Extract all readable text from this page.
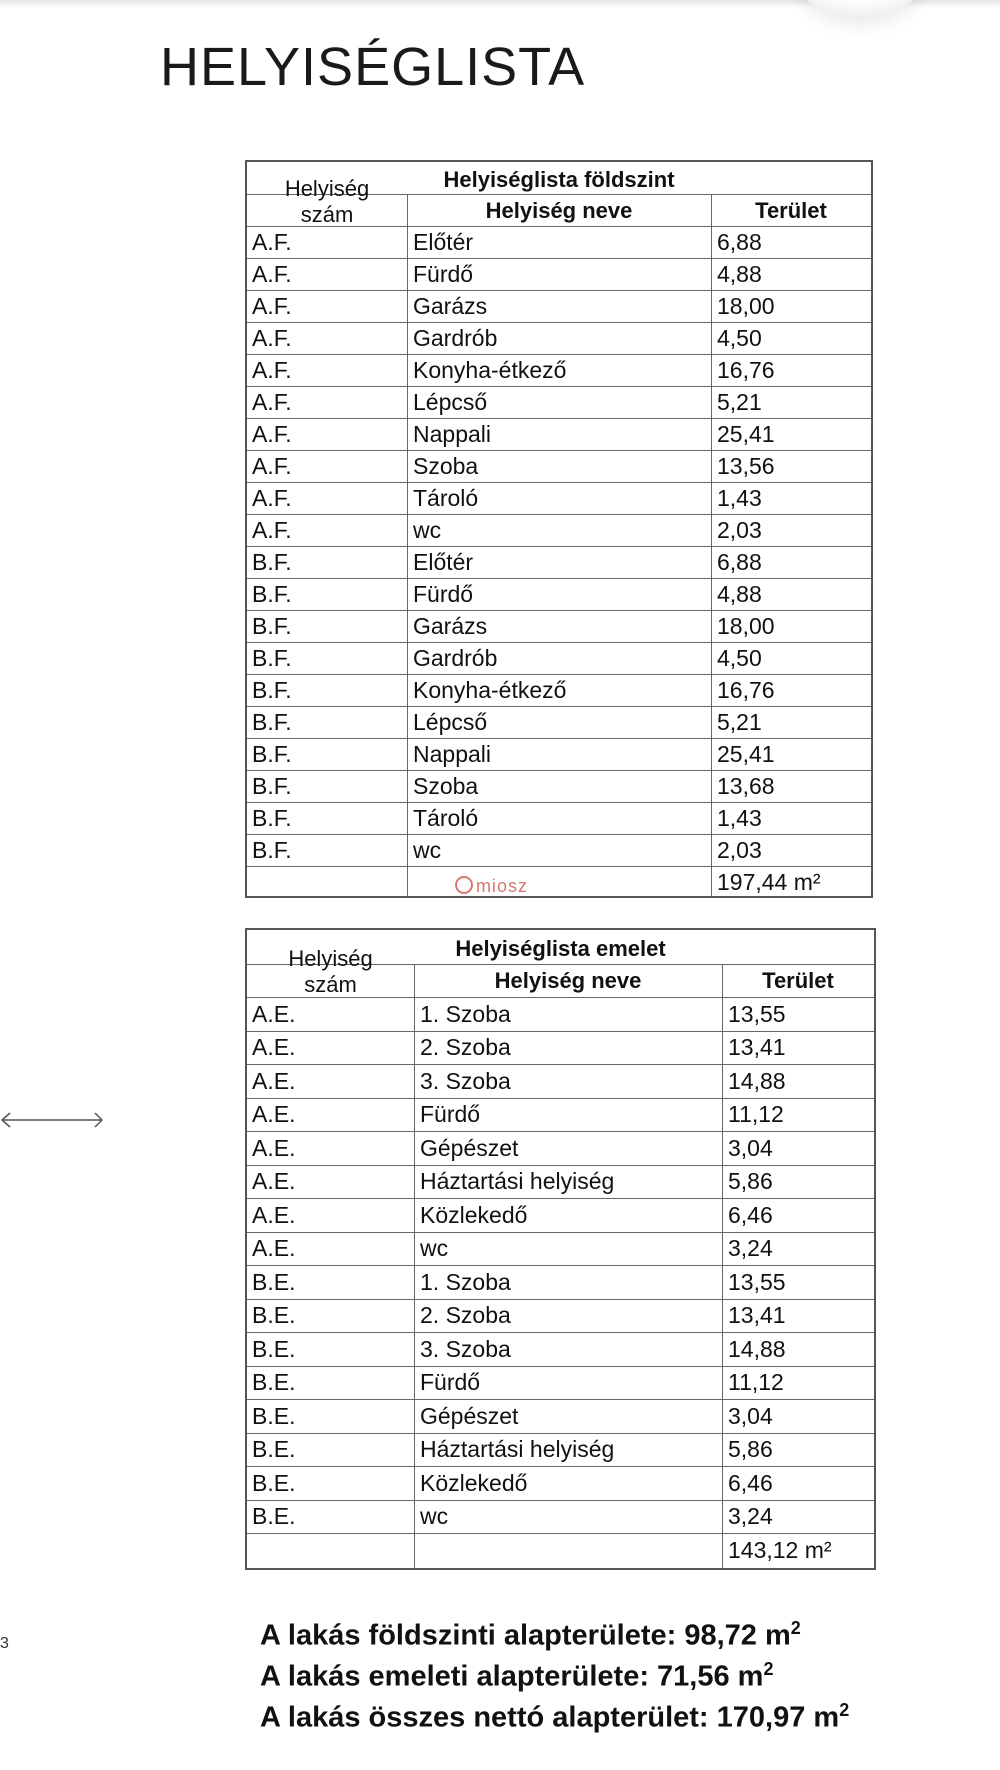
HELYISÉGLISTA
Helyiséglista földszint
Helyiség szám	Helyiség neve	Terület
A.F.	Előtér	6,88
A.F.	Fürdő	4,88
A.F.	Garázs	18,00
A.F.	Gardrób	4,50
A.F.	Konyha-étkező	16,76
A.F.	Lépcső	5,21
A.F.	Nappali	25,41
A.F.	Szoba	13,56
A.F.	Tároló	1,43
A.F.	wc	2,03
B.F.	Előtér	6,88
B.F.	Fürdő	4,88
B.F.	Garázs	18,00
B.F.	Gardrób	4,50
B.F.	Konyha-étkező	16,76
B.F.	Lépcső	5,21
B.F.	Nappali	25,41
B.F.	Szoba	13,68
B.F.	Tároló	1,43
B.F.	wc	2,03
197,44 m²
Helyiséglista emelet
Helyiség szám	Helyiség neve	Terület
A.E.	1. Szoba	13,55
A.E.	2. Szoba	13,41
A.E.	3. Szoba	14,88
A.E.	Fürdő	11,12
A.E.	Gépészet	3,04
A.E.	Háztartási helyiség	5,86
A.E.	Közlekedő	6,46
A.E.	wc	3,24
B.E.	1. Szoba	13,55
B.E.	2. Szoba	13,41
B.E.	3. Szoba	14,88
B.E.	Fürdő	11,12
B.E.	Gépészet	3,04
B.E.	Háztartási helyiség	5,86
B.E.	Közlekedő	6,46
B.E.	wc	3,24
143,12 m²
miosz
3	A lakás földszinti alapterülete: 98,72 $m^2$
A lakás emeleti alapterülete: 71,56 $m^2$
A lakás összes nettó alapterület: 170,97 $m^2$
